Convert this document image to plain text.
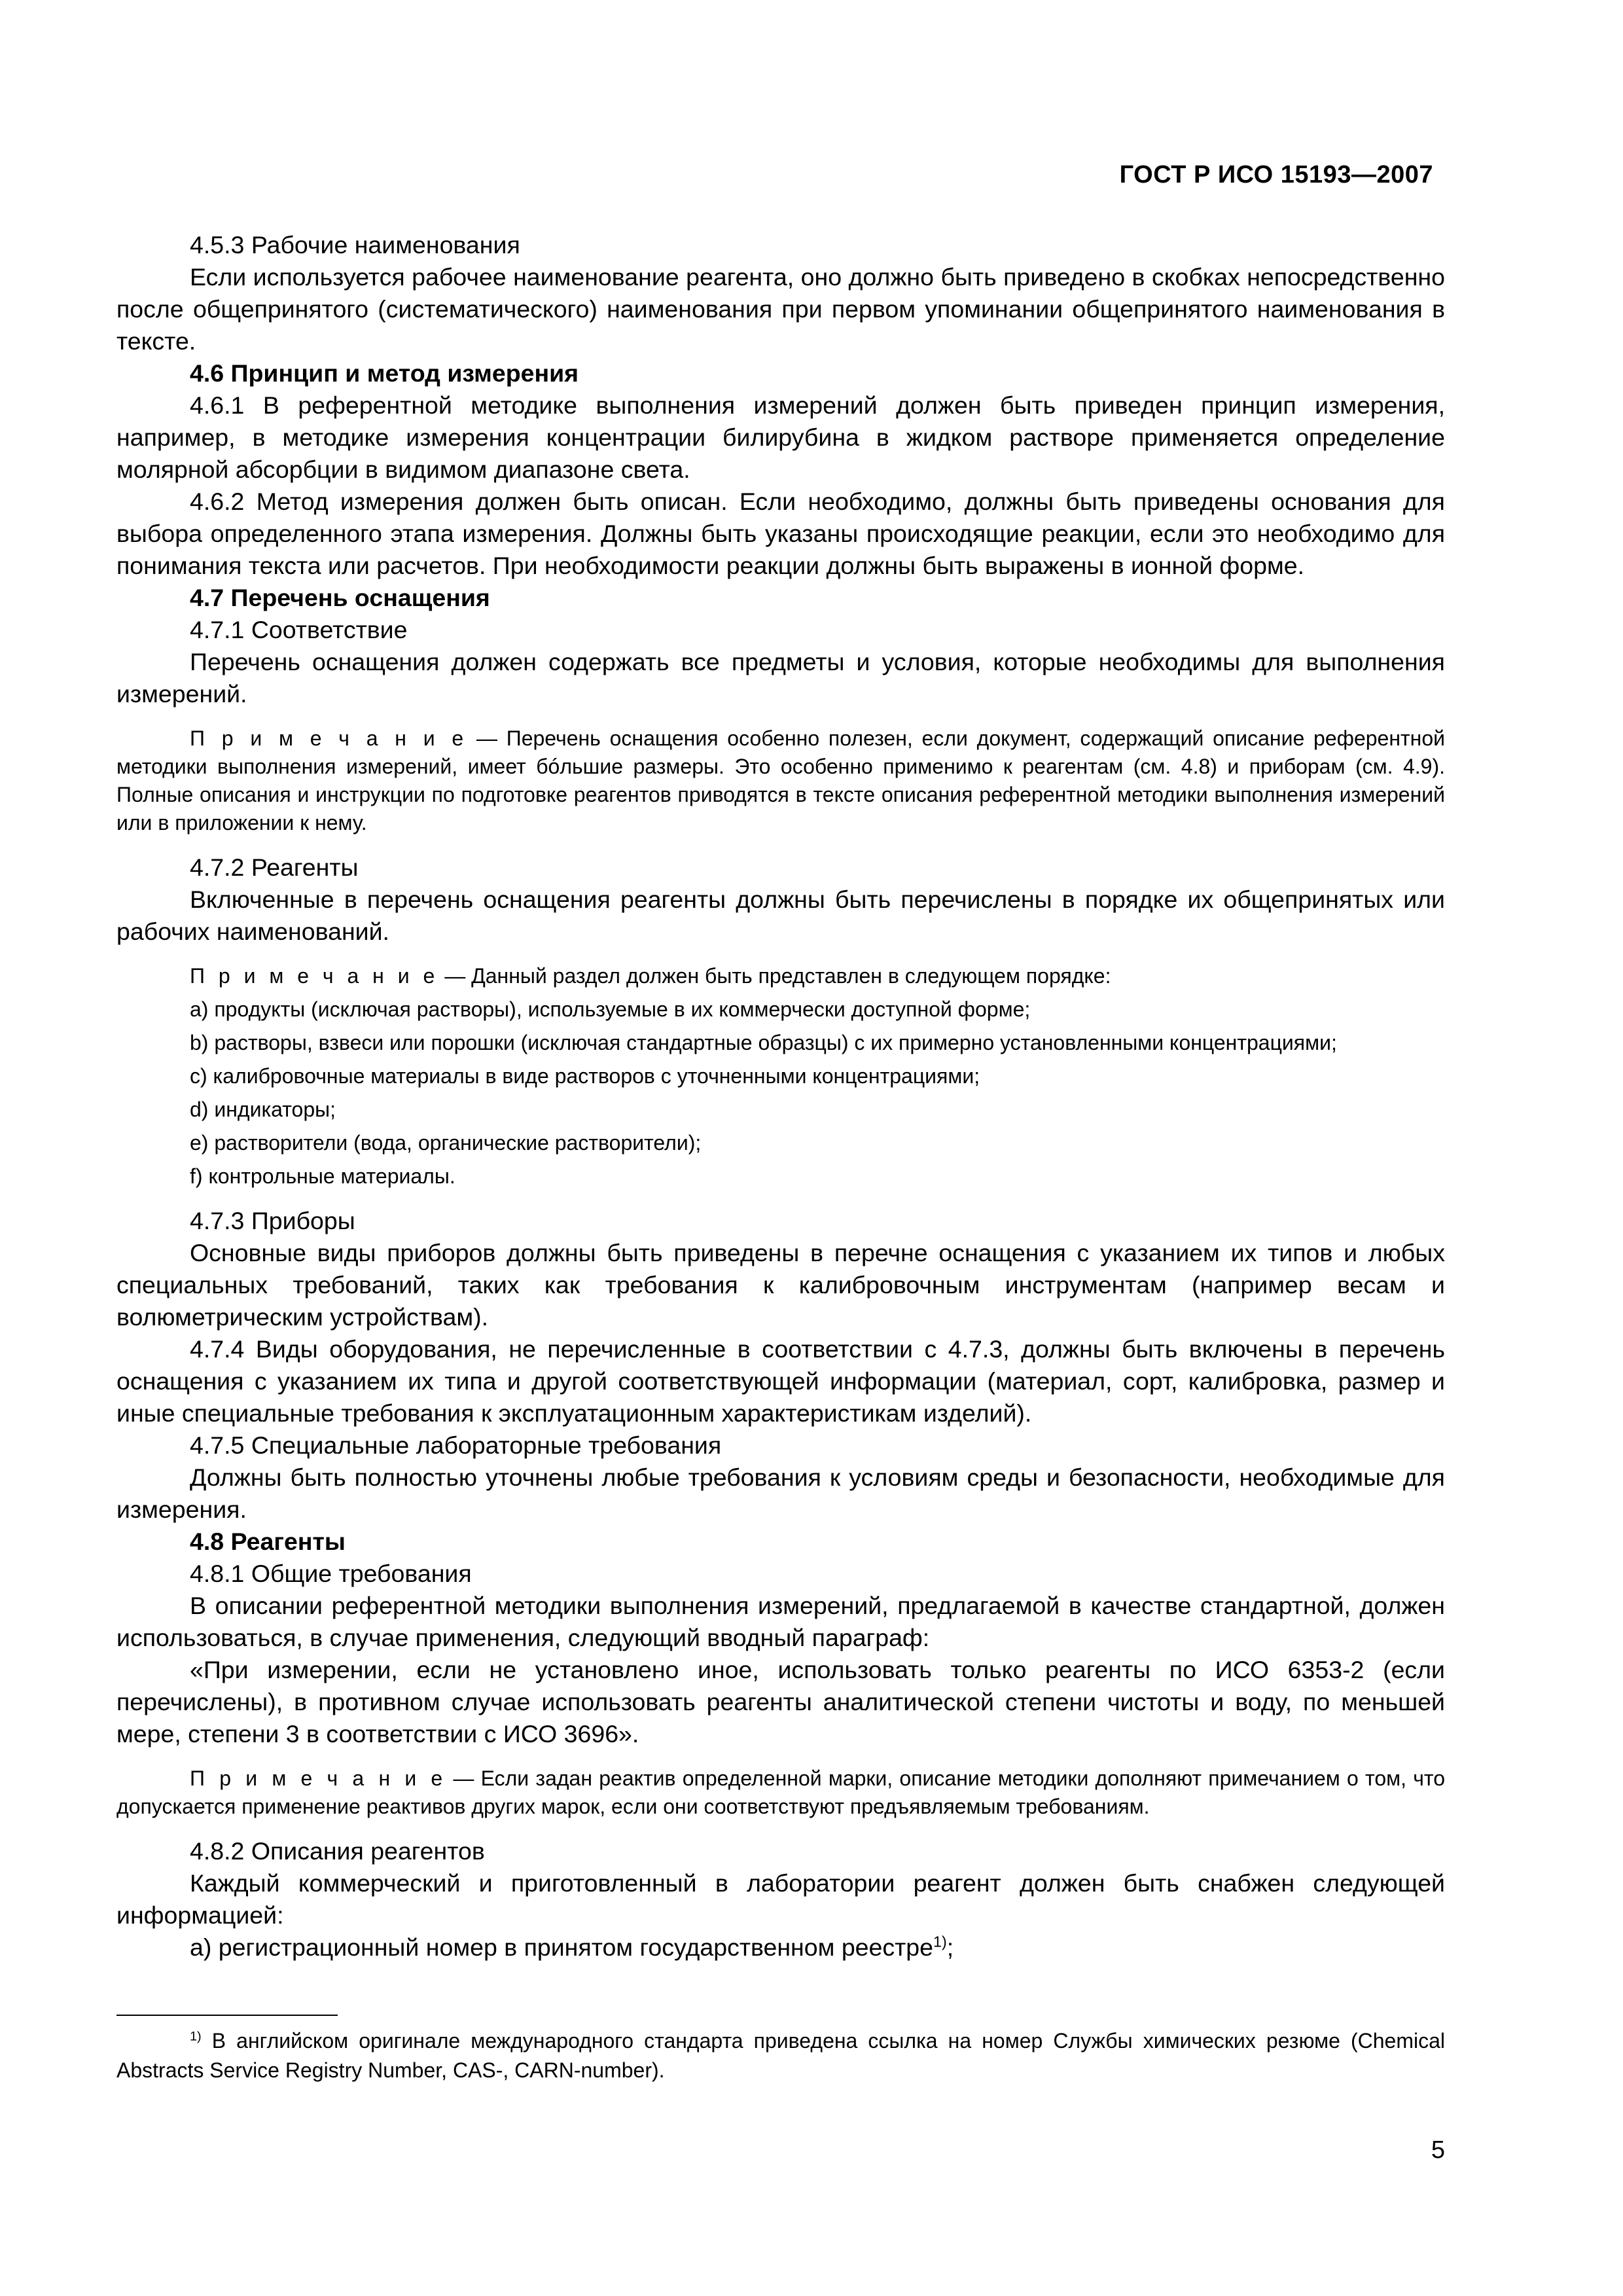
ГОСТ Р ИСО 15193—2007

4.5.3 Рабочие наименования

Если используется рабочее наименование реагента, оно должно быть приведено в скобках непосредственно после общепринятого (систематического) наименования при первом упоминании общепринятого наименования в тексте.

4.6 Принцип и метод измерения

4.6.1 В референтной методике выполнения измерений должен быть приведен принцип измерения, например, в методике измерения концентрации билирубина в жидком растворе применяется определение молярной абсорбции в видимом диапазоне света.

4.6.2 Метод измерения должен быть описан. Если необходимо, должны быть приведены основания для выбора определенного этапа измерения. Должны быть указаны происходящие реакции, если это необходимо для понимания текста или расчетов. При необходимости реакции должны быть выражены в ионной форме.

4.7 Перечень оснащения

4.7.1 Соответствие

Перечень оснащения должен содержать все предметы и условия, которые необходимы для выполнения измерений.

П р и м е ч а н и е — Перечень оснащения особенно полезен, если документ, содержащий описание референтной методики выполнения измерений, имеет бóльшие размеры. Это особенно применимо к реагентам (см. 4.8) и приборам (см. 4.9). Полные описания и инструкции по подготовке реагентов приводятся в тексте описания референтной методики выполнения измерений или в приложении к нему.

4.7.2 Реагенты

Включенные в перечень оснащения реагенты должны быть перечислены в порядке их общепринятых или рабочих наименований.

П р и м е ч а н и е — Данный раздел должен быть представлен в следующем порядке:

a) продукты (исключая растворы), используемые в их коммерчески доступной форме;

b) растворы, взвеси или порошки (исключая стандартные образцы) с их примерно установленными концентрациями;

c) калибровочные материалы в виде растворов с уточненными концентрациями;

d) индикаторы;

e) растворители (вода, органические растворители);

f) контрольные материалы.

4.7.3 Приборы

Основные виды приборов должны быть приведены в перечне оснащения с указанием их типов и любых специальных требований, таких как требования к калибровочным инструментам (например весам и волюметрическим устройствам).

4.7.4 Виды оборудования, не перечисленные в соответствии с 4.7.3, должны быть включены в перечень оснащения с указанием их типа и другой соответствующей информации (материал, сорт, калибровка, размер и иные специальные требования к эксплуатационным характеристикам изделий).

4.7.5 Специальные лабораторные требования

Должны быть полностью уточнены любые требования к условиям среды и безопасности, необходимые для измерения.

4.8 Реагенты

4.8.1 Общие требования

В описании референтной методики выполнения измерений, предлагаемой в качестве стандартной, должен использоваться, в случае применения, следующий вводный параграф:

«При измерении, если не установлено иное, использовать только реагенты по ИСО 6353-2 (если перечислены), в противном случае использовать реагенты аналитической степени чистоты и воду, по меньшей мере, степени 3 в соответствии с ИСО 3696».

П р и м е ч а н и е — Если задан реактив определенной марки, описание методики дополняют примечанием о том, что допускается применение реактивов других марок, если они соответствуют предъявляемым требованиям.

4.8.2 Описания реагентов

Каждый коммерческий и приготовленный в лаборатории реагент должен быть снабжен следующей информацией:

a) регистрационный номер в принятом государственном реестре$^{1)}$;

$^{1)}$ В английском оригинале международного стандарта приведена ссылка на номер Службы химических резюме (Chemical Abstracts Service Registry Number, CAS-, CARN-number).

5
